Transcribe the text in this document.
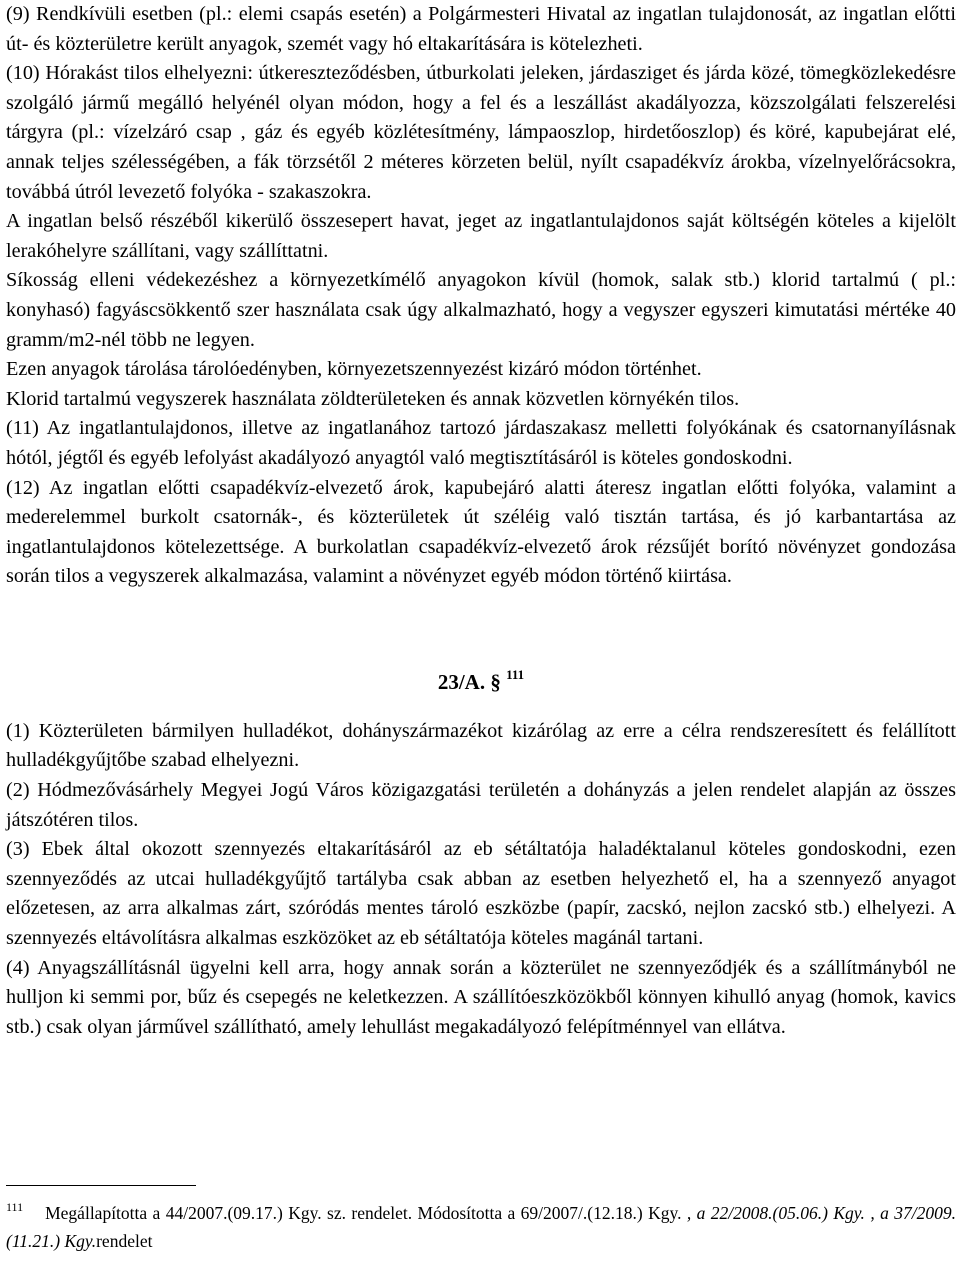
(9) Rendkívüli esetben (pl.: elemi csapás esetén) a Polgármesteri Hivatal az ingatlan tulajdonosát, az ingatlan előtti út- és közterületre került anyagok, szemét vagy hó eltakarítására is kötelezheti.

(10) Hórakást tilos elhelyezni: útkereszteződésben, útburkolati jeleken, járdasziget és járda közé, tömegközlekedésre szolgáló jármű megálló helyénél olyan módon, hogy a fel és a leszállást akadályozza, közszolgálati felszerelési tárgyra (pl.: vízelzáró csap , gáz és egyéb közlétesítmény, lámpaoszlop, hirdetőoszlop) és köré, kapubejárat elé, annak teljes szélességében, a fák törzsétől 2 méteres körzeten belül, nyílt csapadékvíz árokba, vízelnyelőrácsokra, továbbá útról levezető folyóka - szakaszokra.

A ingatlan belső részéből kikerülő összesepert havat, jeget az ingatlantulajdonos saját költségén köteles a kijelölt lerakóhelyre szállítani, vagy szállíttatni.

Síkosság elleni védekezéshez a környezetkímélő anyagokon kívül (homok, salak stb.) klorid tartalmú ( pl.: konyhasó) fagyáscsökkentő szer használata csak úgy alkalmazható, hogy a vegyszer egyszeri kimutatási mértéke 40 gramm/m2-nél több ne legyen.

Ezen anyagok tárolása tárolóedényben, környezetszennyezést kizáró módon történhet.

Klorid tartalmú vegyszerek használata zöldterületeken és annak közvetlen környékén tilos.

(11) Az ingatlantulajdonos, illetve az ingatlanához tartozó járdaszakasz melletti folyókának és csatornanyílásnak hótól, jégtől és egyéb lefolyást akadályozó anyagtól való megtisztításáról is köteles gondoskodni.

(12) Az ingatlan előtti csapadékvíz-elvezető árok, kapubejáró alatti áteresz ingatlan előtti folyóka, valamint a mederelemmel burkolt csatornák-, és közterületek út széléig való tisztán tartása, és jó karbantartása az ingatlantulajdonos kötelezettsége. A burkolatlan csapadékvíz-elvezető árok rézsűjét borító növényzet gondozása során tilos a vegyszerek alkalmazása, valamint a növényzet egyéb módon történő kiirtása.

23/A. § $^{111}$

(1) Közterületen bármilyen hulladékot, dohányszármazékot kizárólag az erre a célra rendszeresített és felállított hulladékgyűjtőbe szabad elhelyezni.

(2) Hódmezővásárhely Megyei Jogú Város közigazgatási területén a dohányzás a jelen rendelet alapján az összes játszótéren tilos.

(3) Ebek által okozott szennyezés eltakarításáról az eb sétáltatója haladéktalanul köteles gondoskodni, ezen szennyeződés az utcai hulladékgyűjtő tartályba csak abban az esetben helyezhető el, ha a szennyező anyagot előzetesen, az arra alkalmas zárt, szóródás mentes tároló eszközbe (papír, zacskó, nejlon zacskó stb.) elhelyezi. A szennyezés eltávolításra alkalmas eszközöket az eb sétáltatója köteles magánál tartani.

(4) Anyagszállításnál ügyelni kell arra, hogy annak során a közterület ne szennyeződjék és a szállítmányból ne hulljon ki semmi por, bűz és csepegés ne keletkezzen. A szállítóeszközökből könnyen kihulló anyag (homok, kavics stb.) csak olyan járművel szállítható, amely lehullást megakadályozó felépítménnyel van ellátva.

$^{111}$ Megállapította a 44/2007.(09.17.) Kgy. sz. rendelet. Módosította a 69/2007/.(12.18.) Kgy. , a 22/2008.(05.06.) Kgy. , a 37/2009.(11.21.) Kgy.rendelet
